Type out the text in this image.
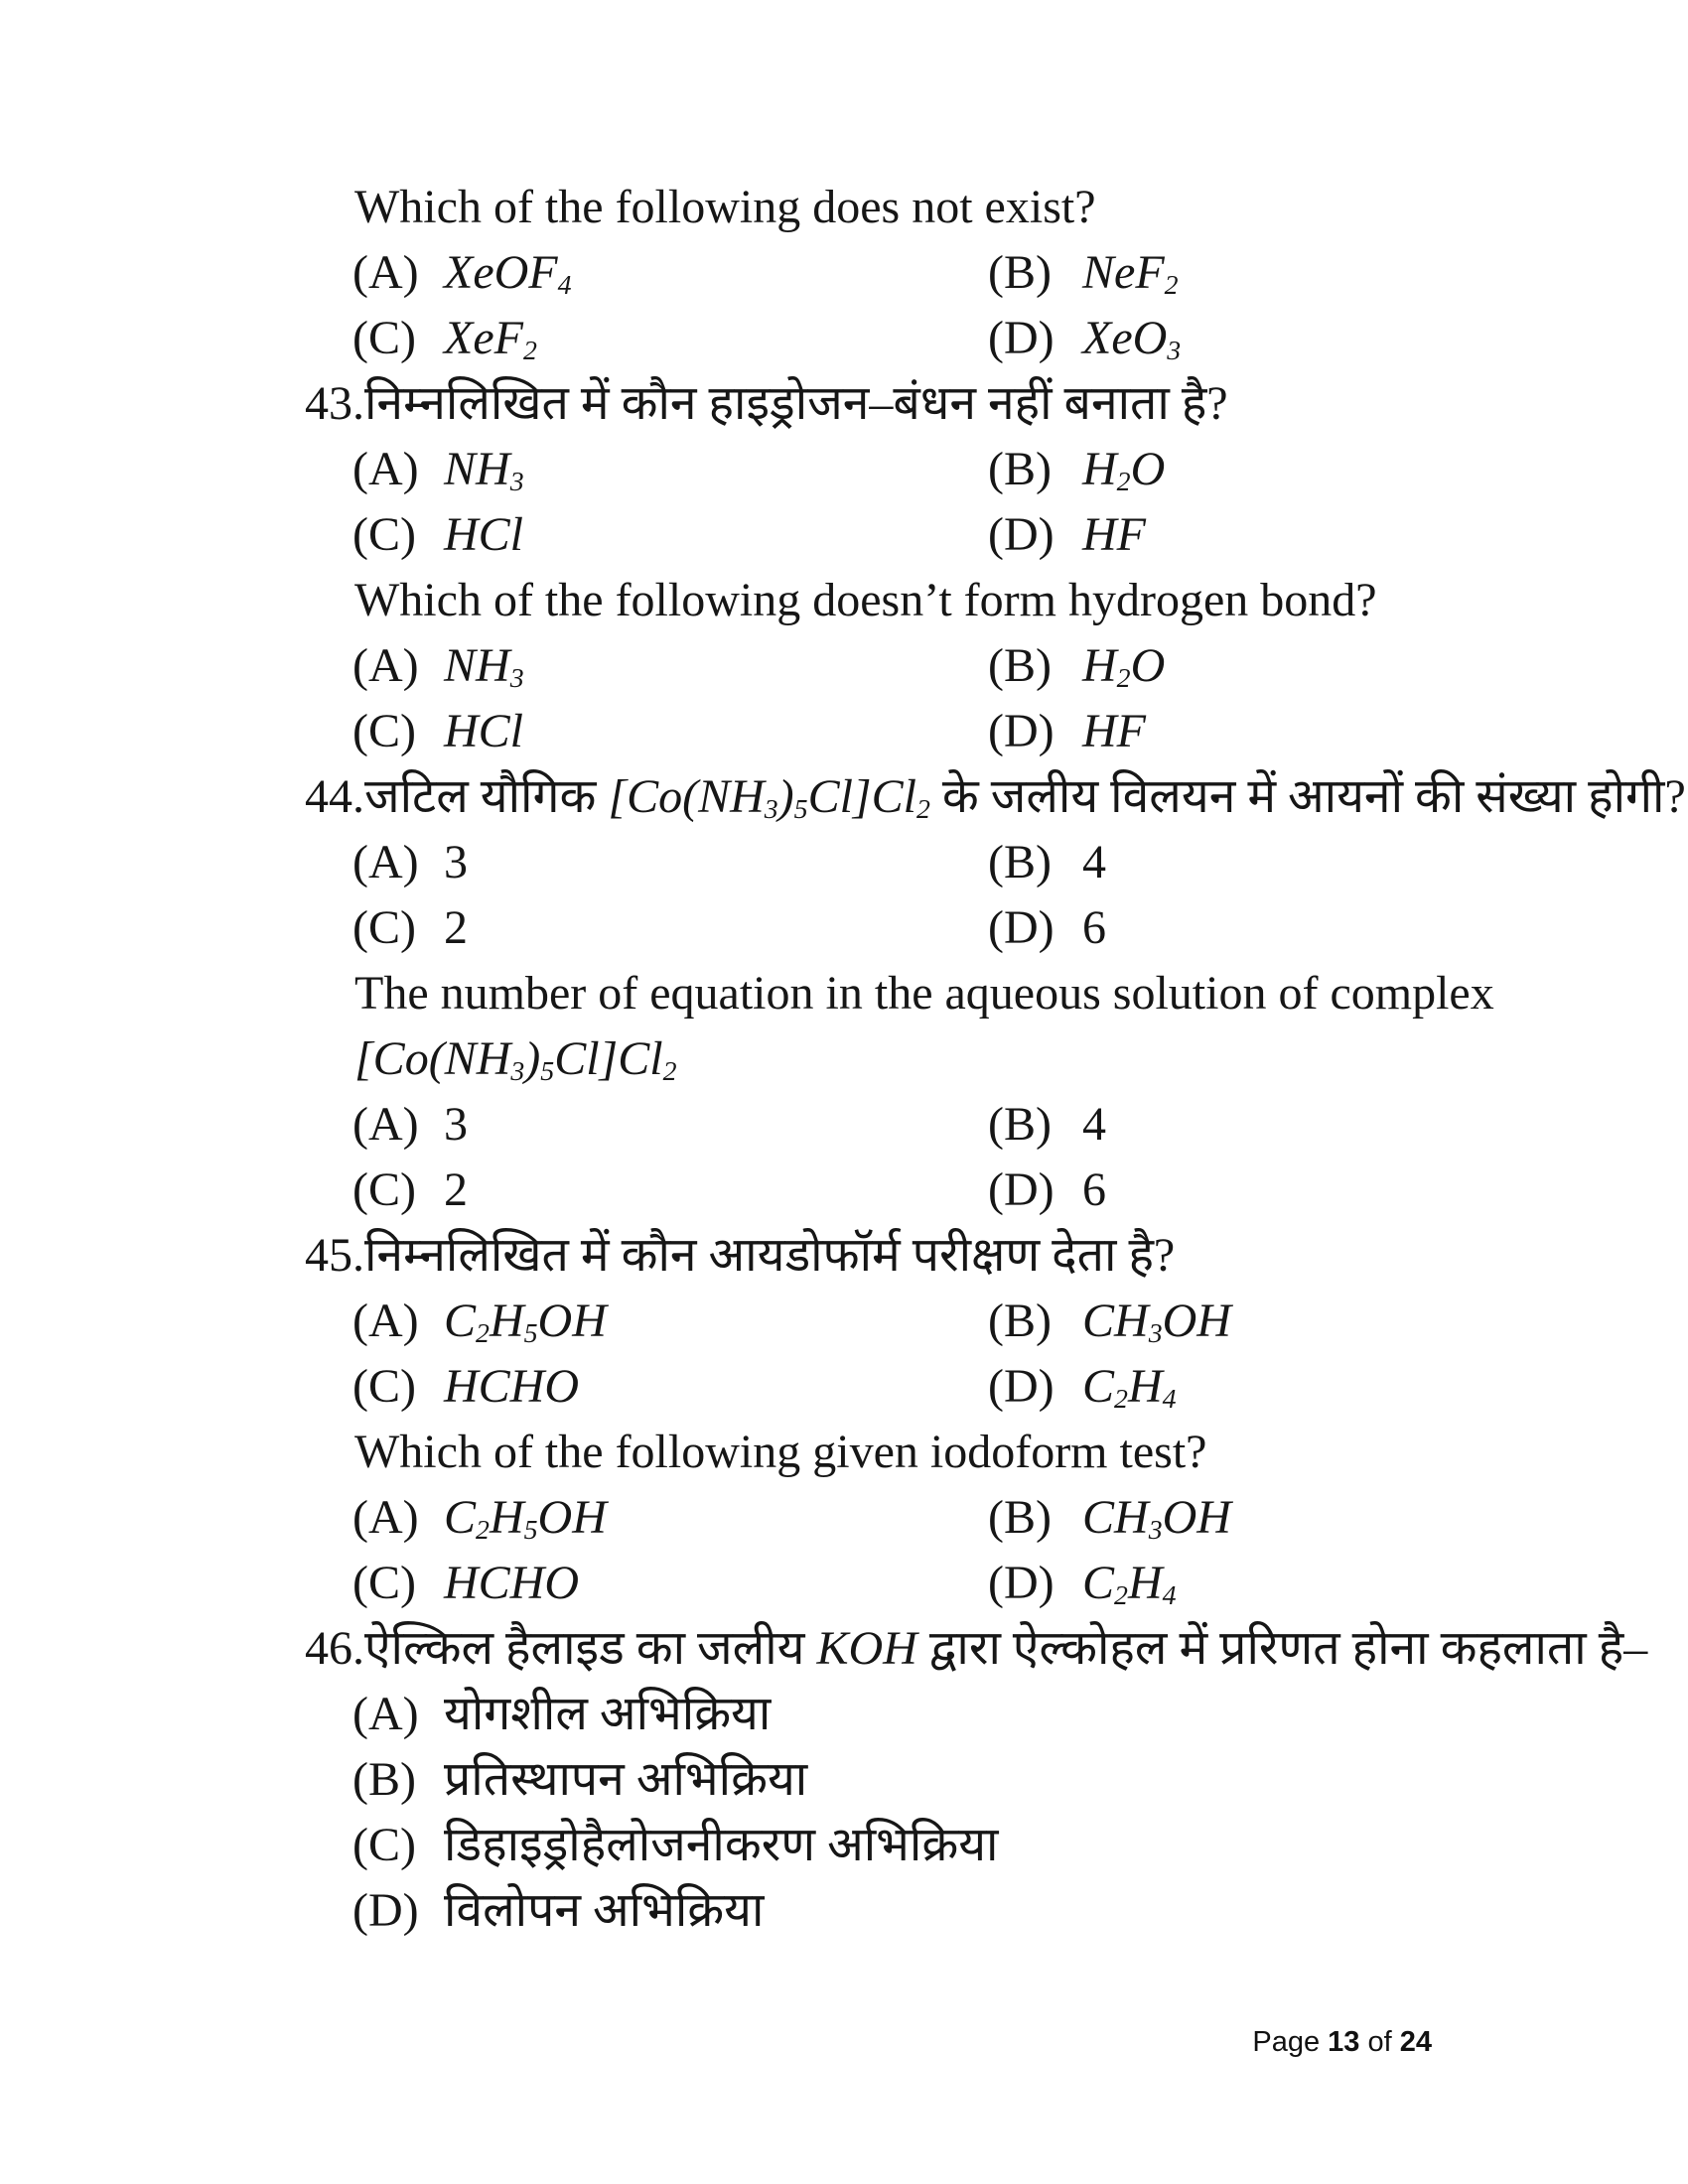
Which of the following does not exist?
(A) XeOF$_4$	(B) NeF$_2$
(C) XeF$_2$	(D) XeO$_3$
43.निम्नलिखित में कौन हाइड्रोजन–बंधन नहीं बनाता है?
(A) $NH_3$	(B) $H_2O$
(C) HCl	(D) HF
Which of the following doesn’t form hydrogen bond?
(A) $NH_3$	(B) $H_2O$
(C) HCl	(D) HF
44.जटिल यौगिक $[Co(NH_3)_5Cl]Cl_2$ के जलीय विलयन में आयनों की संख्या होगी?
(A) 3	(B) 4
(C) 2	(D) 6
The number of equation in the aqueous solution of complex
$[Co(NH_3)_5Cl]Cl_2$
(A) 3	(B) 4
(C) 2	(D) 6
45.निम्नलिखित में कौन आयडोफॉर्म परीक्षण देता है?
(A) $C_2H_5OH$	(B) $CH_3OH$
(C) HCHO	(D) $C_2H_4$
Which of the following given iodoform test?
(A) $C_2H_5OH$	(B) $CH_3OH$
(C) HCHO	(D) $C_2H_4$
46.ऐल्किल हैलाइड का जलीय KOH द्वारा ऐल्कोहल में प्ररिणत होना कहलाता है–
(A) योगशील अभिक्रिया
(B) प्रतिस्थापन अभिक्रिया
(C) डिहाइड्रोहैलोजनीकरण अभिक्रिया
(D) विलोपन अभिक्रिया
Page 13 of 24
